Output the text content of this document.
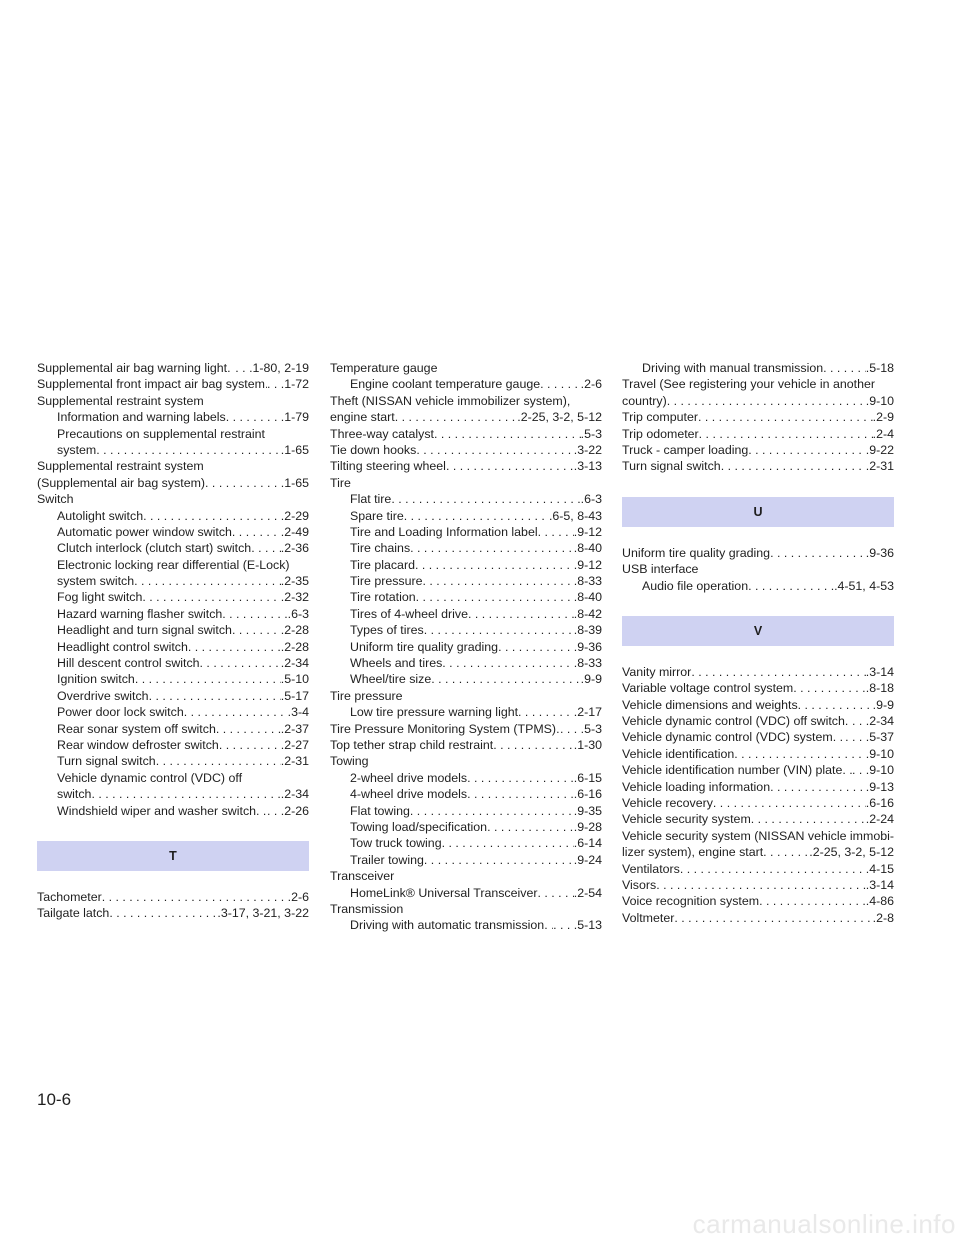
Supplemental air bag warning light . . . . . .1-80, 2-19
Supplemental front impact air bag system . . . . . .1-72
Supplemental restraint system
Information and warning labels . . .	.1-79
Precautions on supplemental restraint
system . . .	.1-65
Supplemental restraint system
(Supplemental air bag system) . . .	.1-65
Switch
Autolight switch . . .	.2-29
Automatic power window switch . . .	.2-49
Clutch interlock (clutch start) switch . . . .2-36
Electronic locking rear differential (E-Lock)
system switch . . .	.2-35
Fog light switch . . .	.2-32
Hazard warning flasher switch . . .	.6-3
Headlight and turn signal switch . . .	.2-28
Headlight control switch . . .	.2-28
Hill descent control switch . . .	.2-34
Ignition switch . . .	.5-10
Overdrive switch . . .	.5-17
Power door lock switch . . .	.3-4
Rear sonar system off switch . . .	.2-37
Rear window defroster switch . . .	.2-27
Turn signal switch . . .	.2-31
Vehicle dynamic control (VDC) off
switch . . .	.2-34
Windshield wiper and washer switch . . . . . .2-26
T
Tachometer . . .	.2-6
Tailgate latch . . .	.3-17, 3-21, 3-22
Temperature gauge
Engine coolant temperature gauge . . .	.2-6
Theft (NISSAN vehicle immobilizer system),
engine start . . .	.2-25, 3-2, 5-12
Three-way catalyst . . .	.5-3
Tie down hooks . . .	.3-22
Tilting steering wheel . . .	.3-13
Tire
Flat tire . . .	.6-3
Spare tire . . .	.6-5, 8-43
Tire and Loading Information label . . .	.9-12
Tire chains . . .	.8-40
Tire placard . . .	.9-12
Tire pressure . . .	.8-33
Tire rotation . . .	.8-40
Tires of 4-wheel drive . . .	.8-42
Types of tires . . .	.8-39
Uniform tire quality grading . . .	.9-36
Wheels and tires . . .	.8-33
Wheel/tire size . . .	.9-9
Tire pressure
Low tire pressure warning light . . .	.2-17
Tire Pressure Monitoring System (TPMS) . . . . . . .5-3
Top tether strap child restraint . . .	.1-30
Towing
2-wheel drive models . . .	.6-15
4-wheel drive models . . .	.6-16
Flat towing . . .	.9-35
Towing load/specification . . .	.9-28
Tow truck towing . . .	.6-14
Trailer towing . . .	.9-24
Transceiver
HomeLink® Universal Transceiver . . .	.2-54
Transmission
Driving with automatic transmission . . . . . . .5-13
Driving with manual transmission . . .	.5-18
Travel (See registering your vehicle in another
country) . . .	.9-10
Trip computer . . .	.2-9
Trip odometer . . .	.2-4
Truck - camper loading . . .	.9-22
Turn signal switch . . .	.2-31
U
Uniform tire quality grading . . .	.9-36
USB interface
Audio file operation . . .	.4-51, 4-53
V
Vanity mirror . . .	.3-14
Variable voltage control system . . .	.8-18
Vehicle dimensions and weights . . .	.9-9
Vehicle dynamic control (VDC) off switch . . . . . .2-34
Vehicle dynamic control (VDC) system . . . . . . .5-37
Vehicle identification . . .	.9-10
Vehicle identification number (VIN) plate . . . . . .9-10
Vehicle loading information . . .	.9-13
Vehicle recovery . . .	.6-16
Vehicle security system . . .	.2-24
Vehicle security system (NISSAN vehicle immobi-
lizer system), engine start . . .	.2-25, 3-2, 5-12
Ventilators . . .	.4-15
Visors . . .	.3-14
Voice recognition system . . .	.4-86
Voltmeter . . .	.2-8
10-6
carmanualsonline.info
